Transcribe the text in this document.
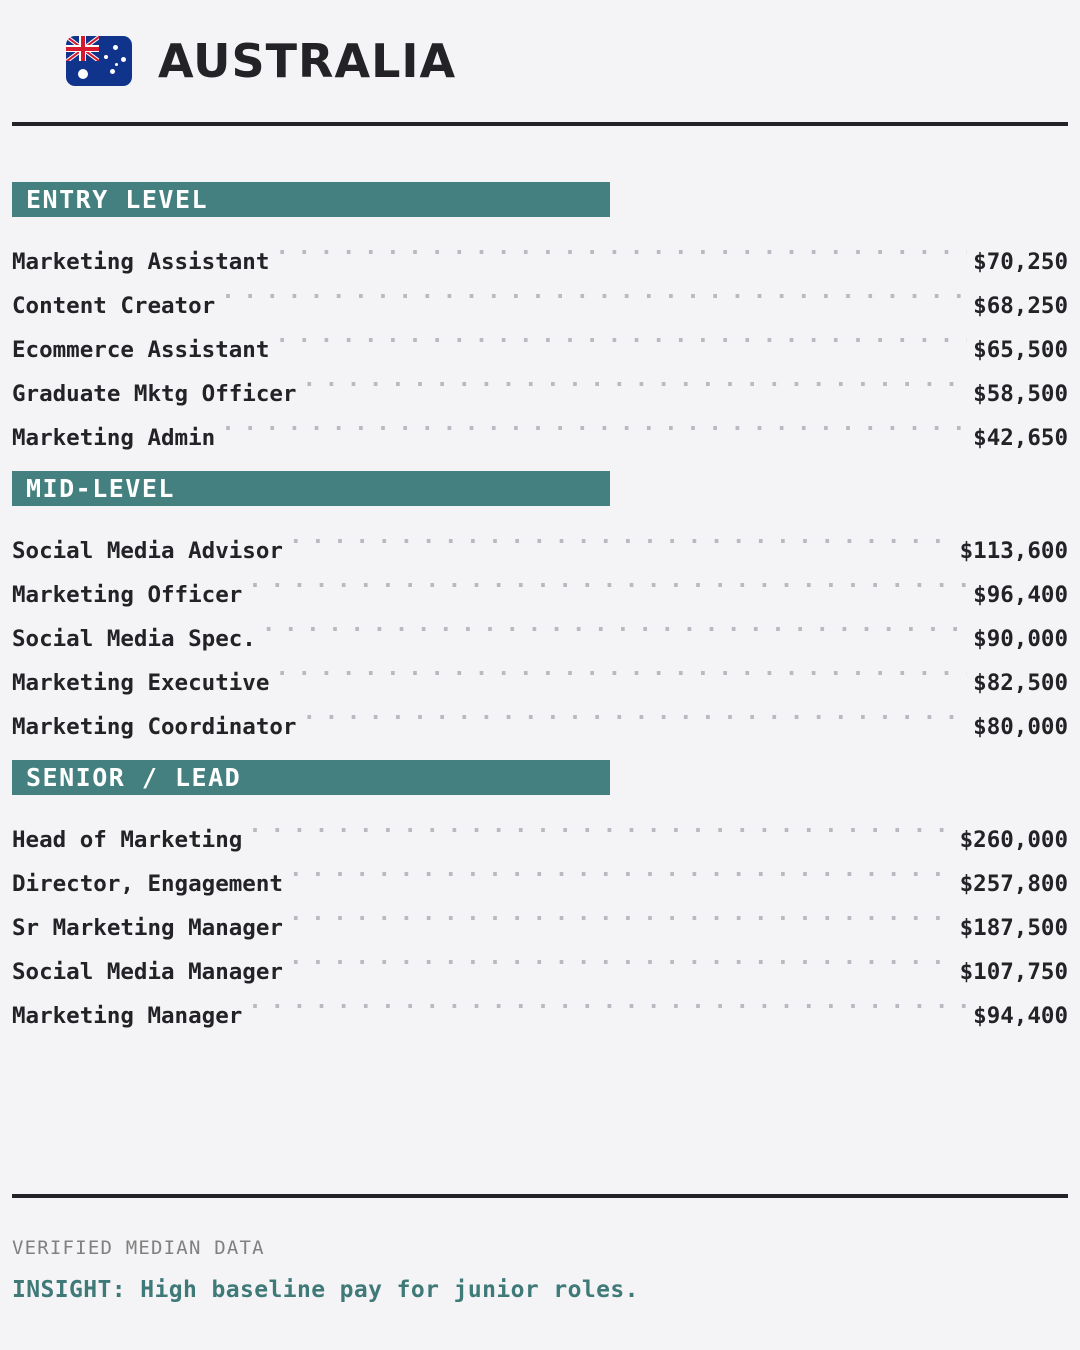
AUSTRALIA
ENTRY LEVEL
Marketing Assistant .....	$70,250
Content Creator .....	$68,250
Ecommerce Assistant .....	$65,500
Graduate Mktg Officer .....	$58,500
Marketing Admin .....	$42,650
MID-LEVEL
Social Media Advisor .....	$113,600
Marketing Officer .....	$96,400
Social Media Spec. .....	$90,000
Marketing Executive .....	$82,500
Marketing Coordinator .....	$80,000
SENIOR / LEAD
Head of Marketing .....	$260,000
Director, Engagement .....	$257,800
Sr Marketing Manager .....	$187,500
Social Media Manager .....	$107,750
Marketing Manager .....	$94,400
VERIFIED MEDIAN DATA
INSIGHT: High baseline pay for junior roles.
